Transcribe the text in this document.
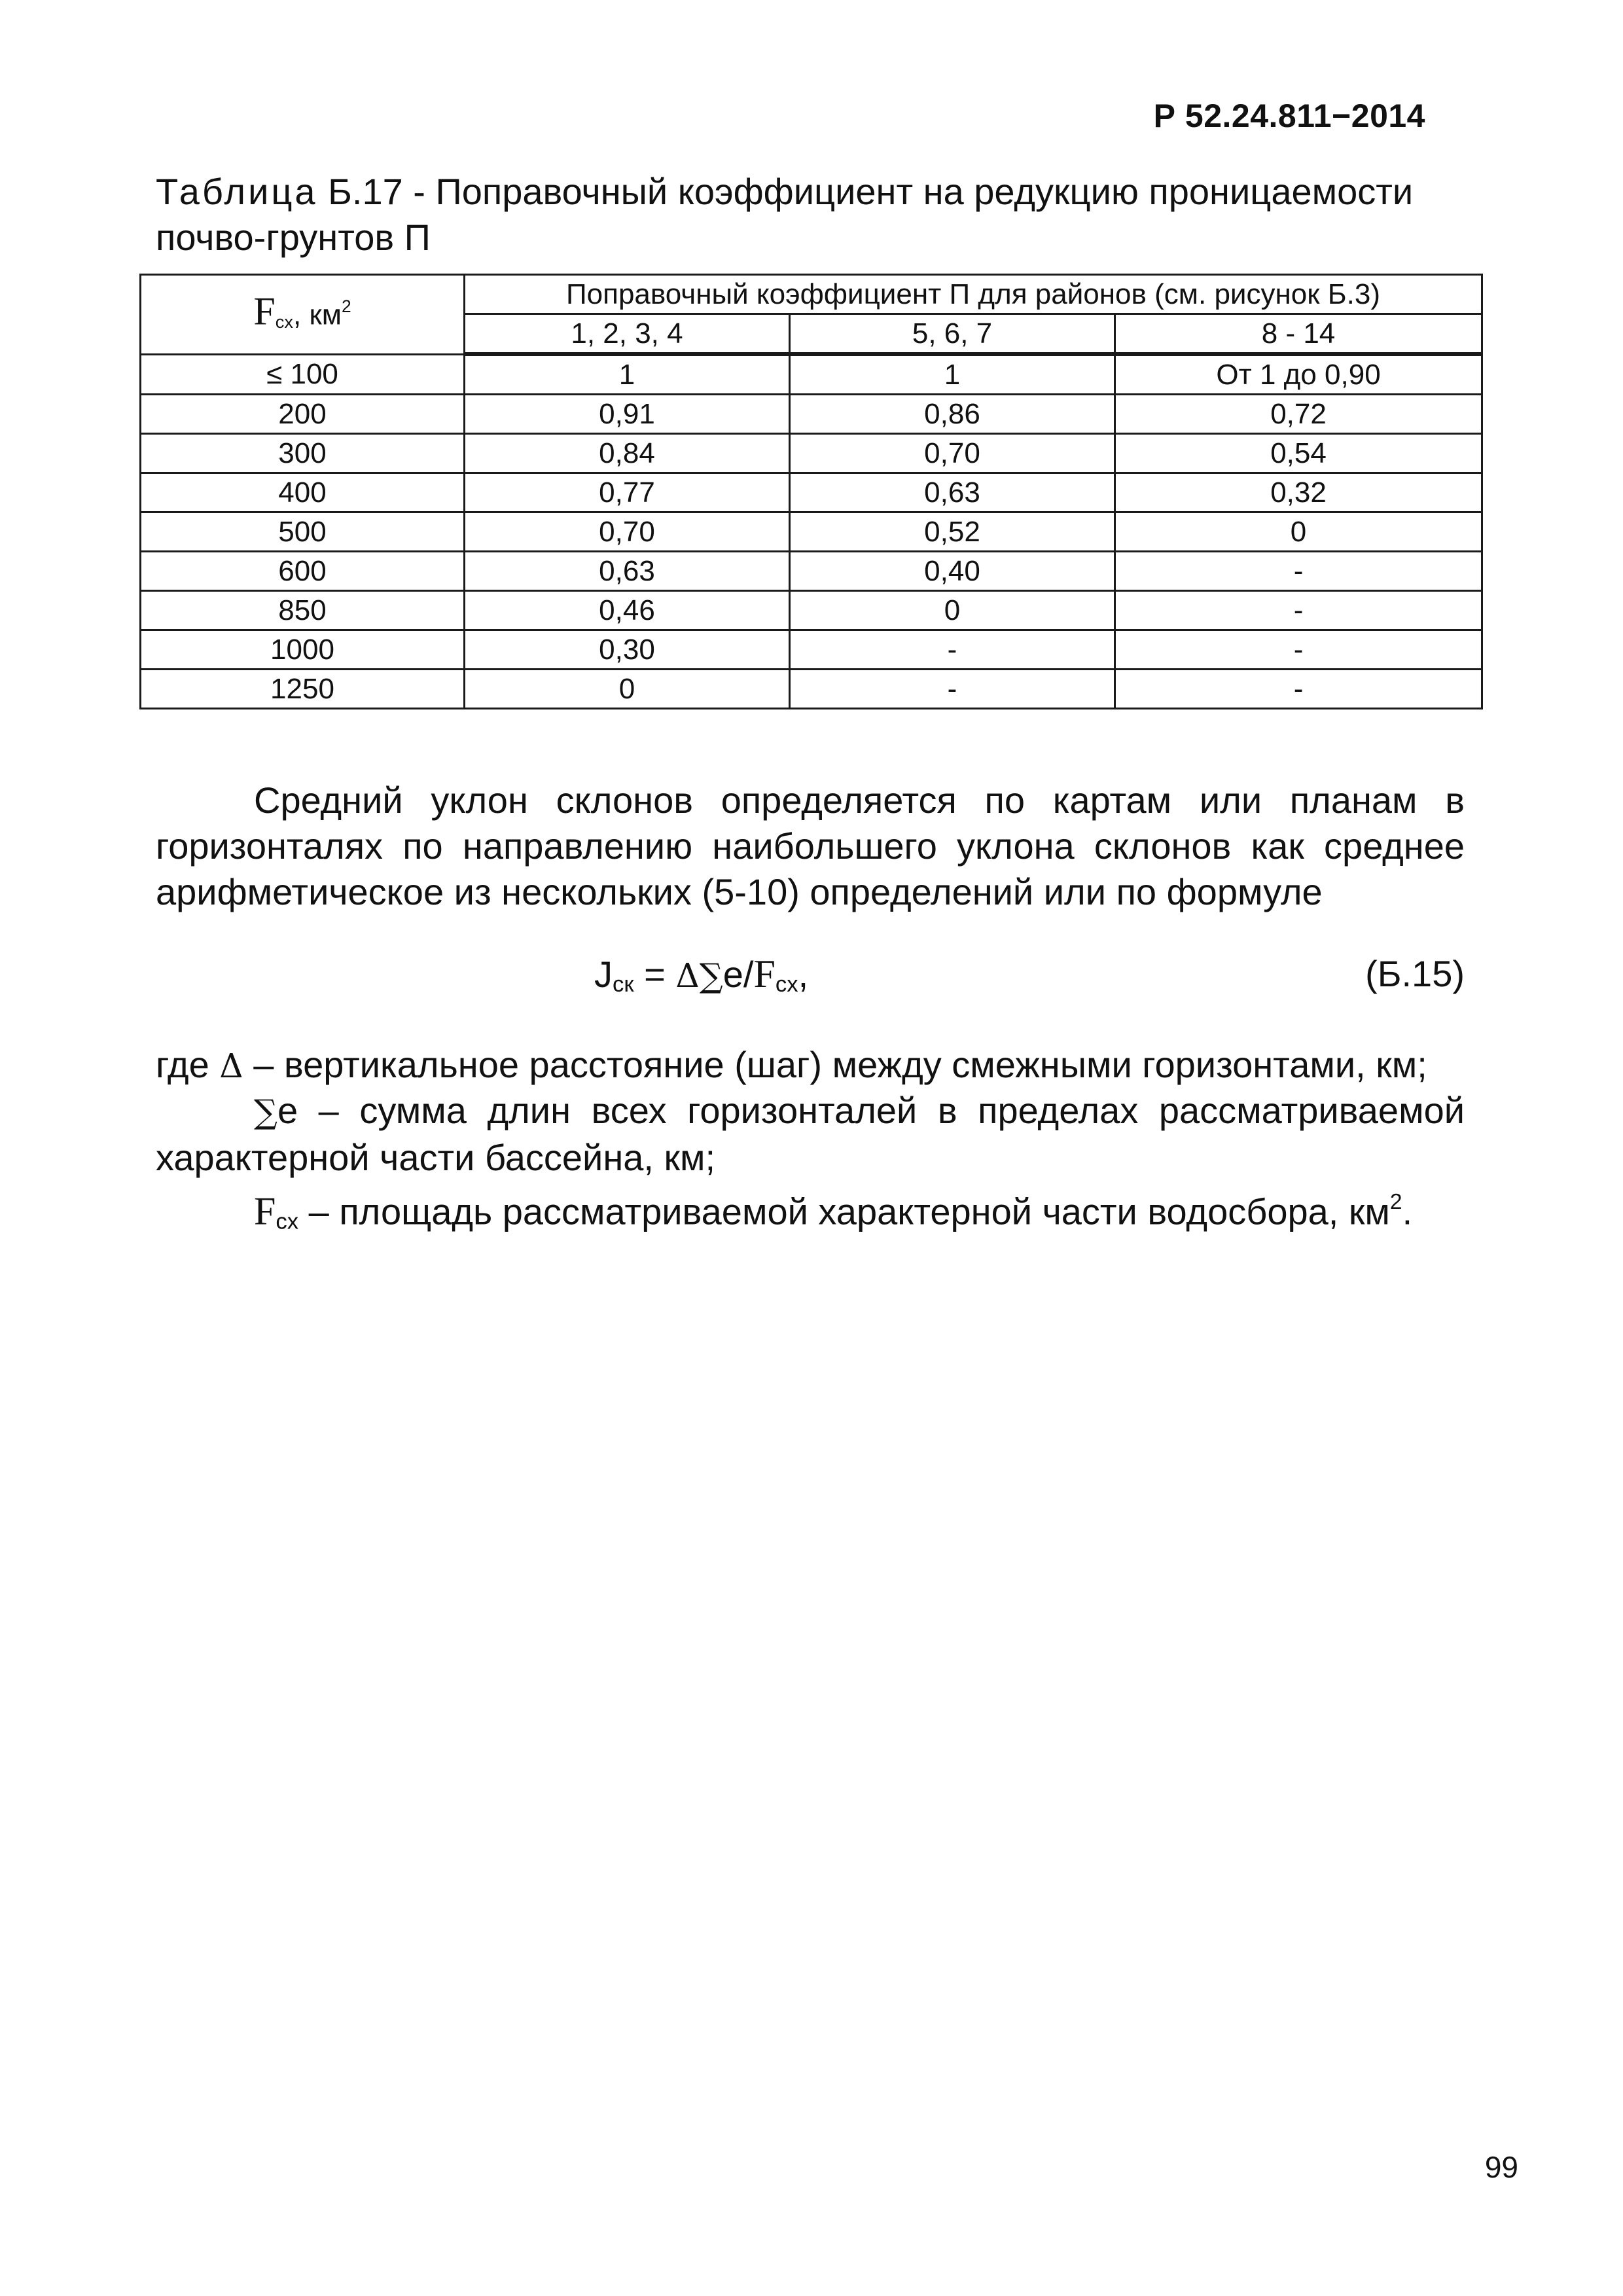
Р 52.24.811−2014

Таблица Б.17 - Поправочный коэффициент на редукцию проницаемости почво-грунтов П

$F_{сх}$, $км^2$	Поправочный коэффициент П для районов (см. рисунок Б.3)		
	1, 2, 3, 4	5, 6, 7	8 - 14
≤ 100	1	1	От 1 до 0,90
200	0,91	0,86	0,72
300	0,84	0,70	0,54
400	0,77	0,63	0,32
500	0,70	0,52	0
600	0,63	0,40	-
850	0,46	0	-
1000	0,30	-	-
1250	0	-	-

Средний уклон склонов определяется по картам или планам в горизонталях по направлению наибольшего уклона склонов как среднее арифметическое из нескольких (5-10) определений или по формуле

$J_{ск} = \Delta\sum e/F_{сх}$,	(Б.15)

где Δ – вертикальное расстояние (шаг) между смежными горизонтами, км;

∑e – сумма длин всех горизонталей в пределах рассматриваемой характерной части бассейна, км;

$F_{сх}$ – площадь рассматриваемой характерной части водосбора, $км^2$.

99
